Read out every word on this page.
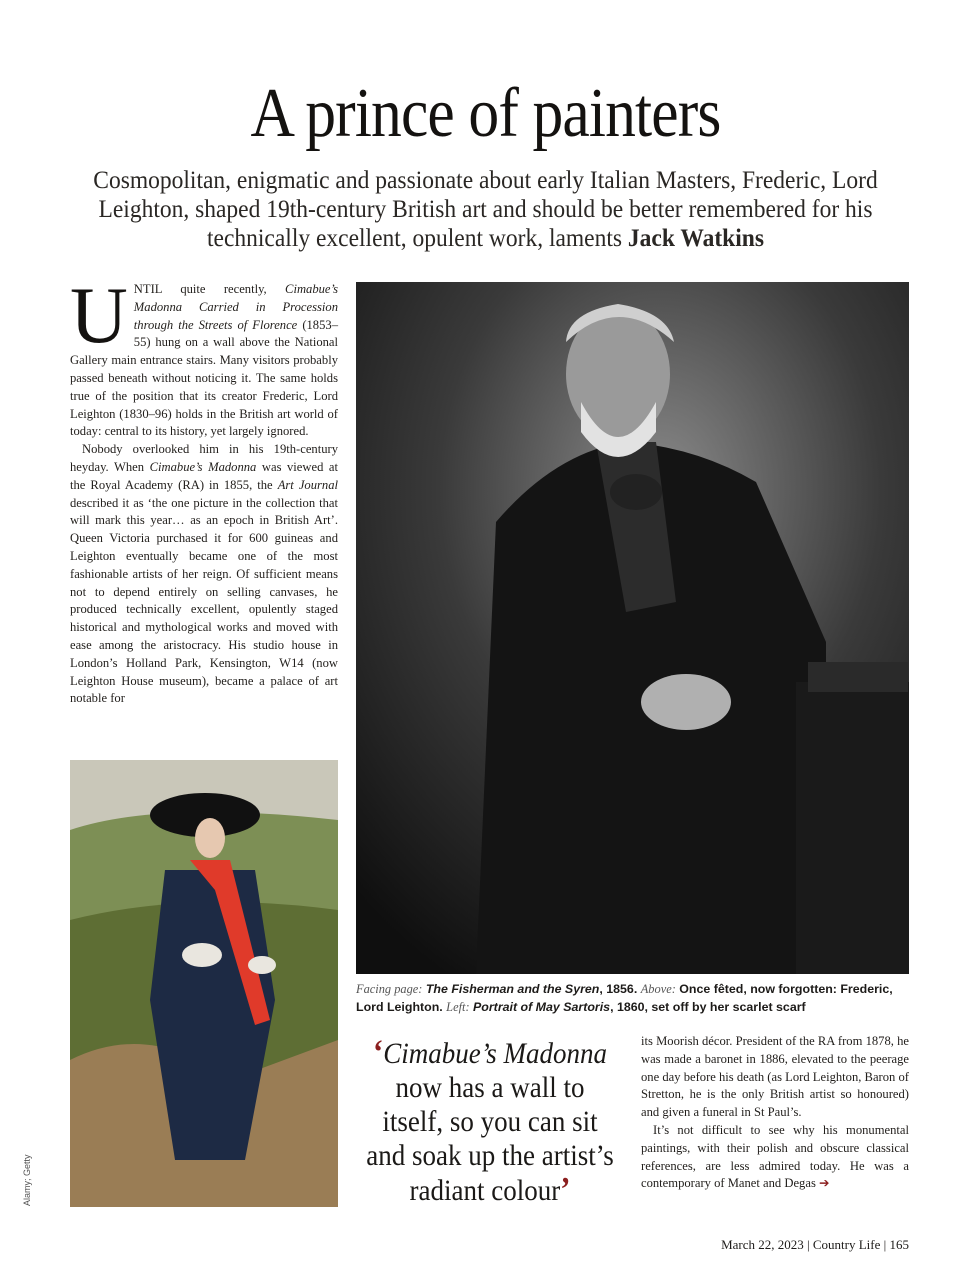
A prince of painters

Cosmopolitan, enigmatic and passionate about early Italian Masters, Frederic, Lord Leighton, shaped 19th-century British art and should be better remembered for his technically excellent, opulent work, laments Jack Watkins

UNTIL quite recently, Cimabue’s Madonna Carried in Procession through the Streets of Florence (1853–55) hung on a wall above the National Gallery main entrance stairs. Many visitors probably passed beneath without noticing it. The same holds true of the position that its creator Frederic, Lord Leighton (1830–96) holds in the British art world of today: central to its history, yet largely ignored.

Nobody overlooked him in his 19th-century heyday. When Cimabue’s Madonna was viewed at the Royal Academy (RA) in 1855, the Art Journal described it as ‘the one picture in the collection that will mark this year… as an epoch in British Art’. Queen Victoria purchased it for 600 guineas and Leighton eventually became one of the most fashionable artists of her reign. Of sufficient means not to depend entirely on selling canvases, he produced technically excellent, opulently staged historical and mythological works and moved with ease among the aristocracy. His studio house in London’s Holland Park, Kensington, W14 (now Leighton House museum), became a palace of art notable for

Facing page: The Fisherman and the Syren, 1856. Above: Once fêted, now forgotten: Frederic, Lord Leighton. Left: Portrait of May Sartoris, 1860, set off by her scarlet scarf
‘Cimabue’s Madonna now has a wall to itself, so you can sit and soak up the artist’s radiant colour’

its Moorish décor. President of the RA from 1878, he was made a baronet in 1886, elevated to the peerage one day before his death (as Lord Leighton, Baron of Stretton, he is the only British artist so honoured) and given a funeral in St Paul’s.

It’s not difficult to see why his monumental paintings, with their polish and obscure classical references, are less admired today. He was a contemporary of Manet and Degas ➔

Alamy; Getty
March 22, 2023 | Country Life | 165
